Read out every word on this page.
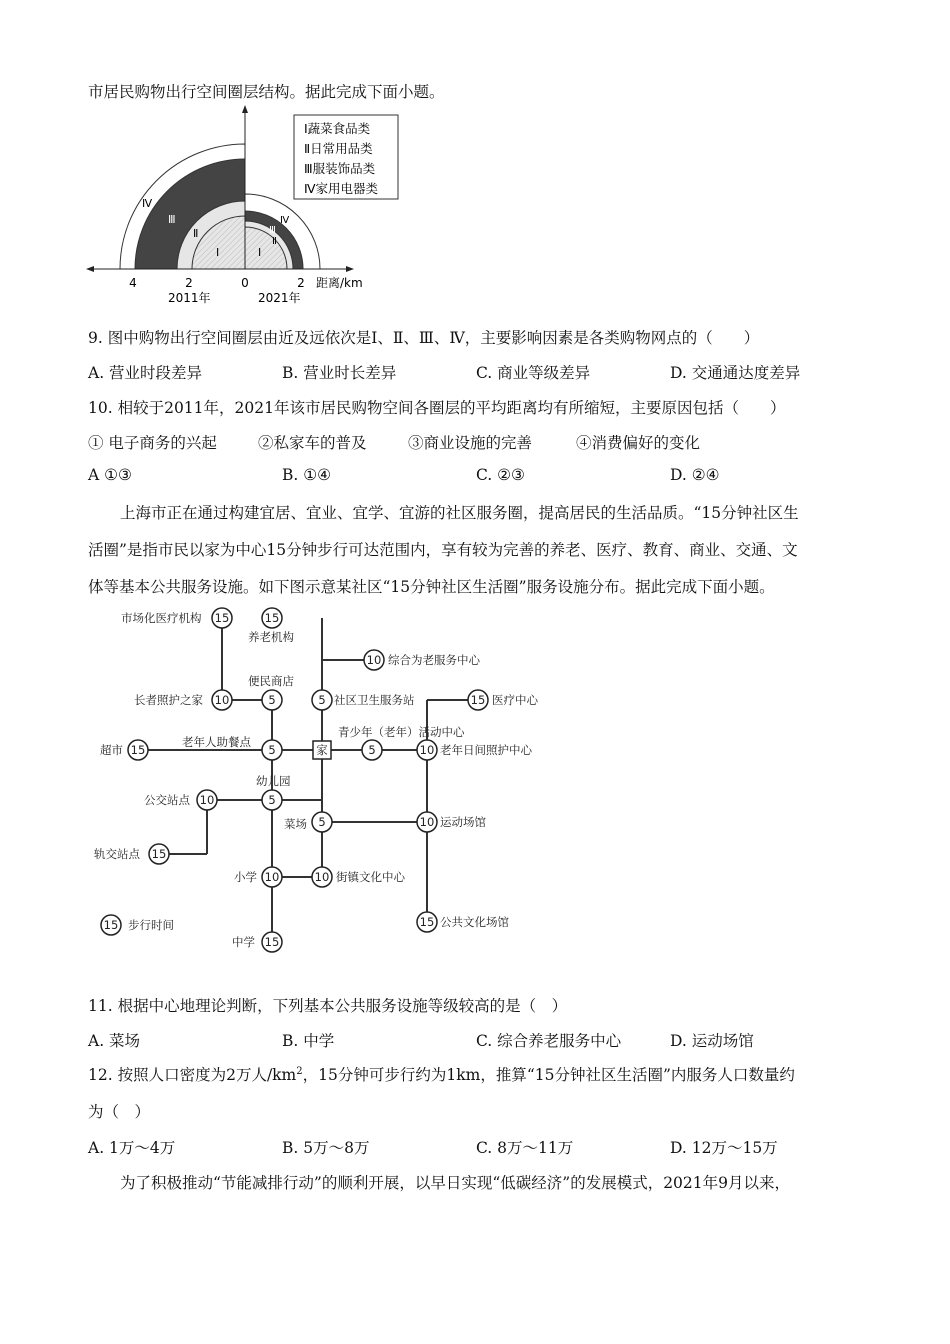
市居民购物出行空间圈层结构。据此完成下面小题。
Ⅳ
Ⅲ
Ⅱ
Ⅰ
Ⅳ
Ⅲ
Ⅱ
Ⅰ
4	2	0	2 距离/km
2011年	2021年
Ⅰ蔬菜食品类
Ⅱ日常用品类
Ⅲ服装饰品类
Ⅳ家用电器类
9. 图中购物出行空间圈层由近及远依次是Ⅰ、Ⅱ、Ⅲ、Ⅳ，主要影响因素是各类购物网点的（　　）
A. 营业时段差异	B. 营业时长差异	C. 商业等级差异	D. 交通通达度差异
10. 相较于2011年，2021年该市居民购物空间各圈层的平均距离均有所缩短，主要原因包括（　　）
① 电子商务的兴起	②私家车的普及	③商业设施的完善	④消费偏好的变化
A ①③	B. ①④	C. ②③	D. ②④
上海市正在通过构建宜居、宜业、宜学、宜游的社区服务圈，提高居民的生活品质。“15分钟社区生
活圈”是指市民以家为中心15分钟步行可达范围内，享有较为完善的养老、医疗、教育、商业、交通、文
体等基本公共服务设施。如下图示意某社区“15分钟社区生活圈”服务设施分布。据此完成下面小题。
家
15	15
10
10	5	5	15
15	5	5	10
10	5
5	10
15
10	10
15
15
15
市场化医疗机构
养老机构
综合为老服务中心
长者照护之家
便民商店
社区卫生服务站	医疗中心
超市
老年人助餐点
青少年（老年）活动中心
老年日间照护中心
公交站点
幼儿园
菜场	运动场馆
轨交站点
小学	街镇文化中心
中学
公共文化场馆
步行时间
11. 根据中心地理论判断，下列基本公共服务设施等级较高的是（　）
A. 菜场	B. 中学	C. 综合养老服务中心	D. 运动场馆
12. 按照人口密度为2万人$/km^2$，15分钟可步行约为1km，推算“15分钟社区生活圈”内服务人口数量约
为（　）
A. 1万～4万	B. 5万～8万	C. 8万～11万	D. 12万～15万
为了积极推动“节能减排行动”的顺利开展，以早日实现“低碳经济”的发展模式，2021年9月以来，
